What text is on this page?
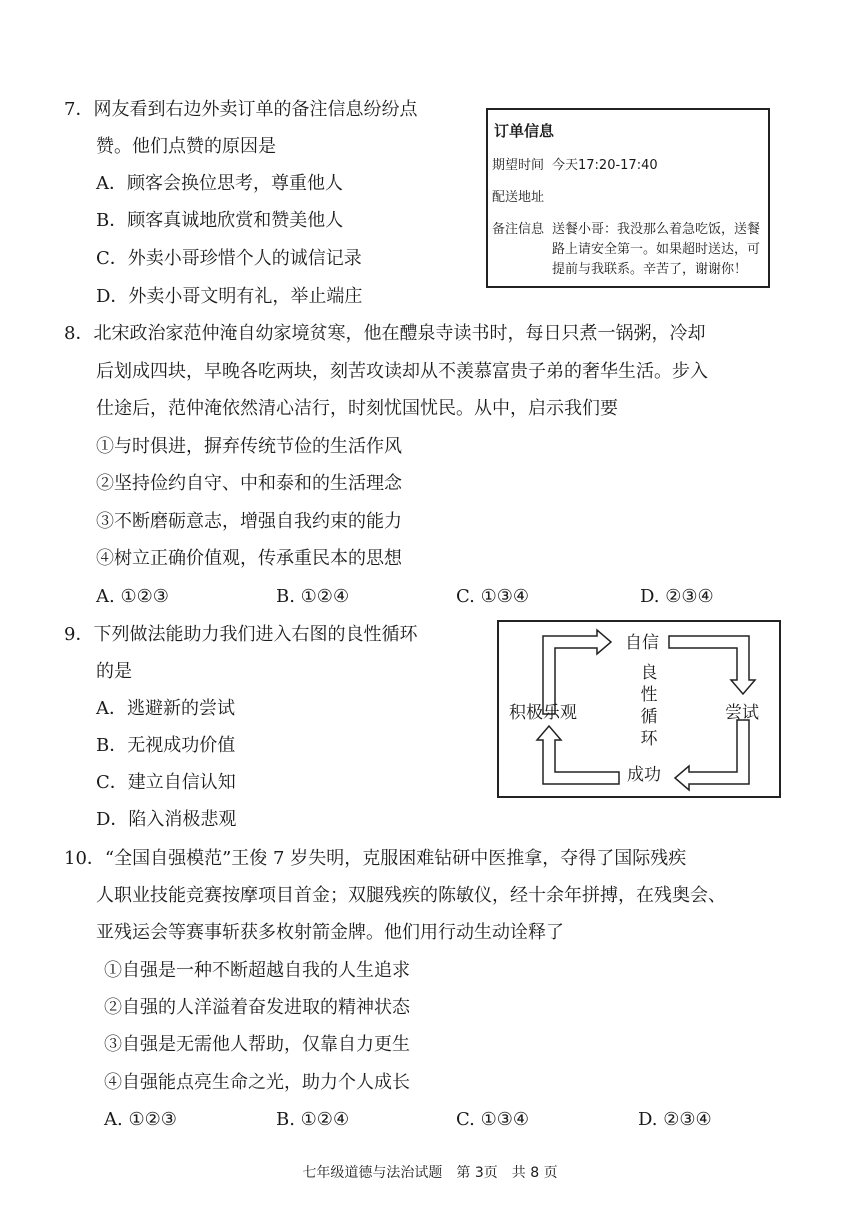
7．网友看到右边外卖订单的备注信息纷纷点
赞。他们点赞的原因是
A．顾客会换位思考，尊重他人
B．顾客真诚地欣赏和赞美他人
C．外卖小哥珍惜个人的诚信记录
D．外卖小哥文明有礼，举止端庄
订单信息
期望时间 今天17:20-17:40
配送地址
备注信息 送餐小哥：我没那么着急吃饭，送餐路上请安全第一。如果超时送达，可提前与我联系。辛苦了，谢谢你！
8．北宋政治家范仲淹自幼家境贫寒，他在醴泉寺读书时，每日只煮一锅粥，冷却
后划成四块，早晚各吃两块，刻苦攻读却从不羡慕富贵子弟的奢华生活。步入
仕途后，范仲淹依然清心洁行，时刻忧国忧民。从中，启示我们要
①与时俱进，摒弃传统节俭的生活作风
②坚持俭约自守、中和泰和的生活理念
③不断磨砺意志，增强自我约束的能力
④树立正确价值观，传承重民本的思想
A. ①②③	B. ①②④	C. ①③④	D. ②③④
9．下列做法能助力我们进入右图的良性循环
的是
A．逃避新的尝试
B．无视成功价值
C．建立自信认知
D．陷入消极悲观
自信
尝试
成功
积极乐观
良
性
循
环
10．“全国自强模范”王俊 7 岁失明，克服困难钻研中医推拿，夺得了国际残疾
人职业技能竞赛按摩项目首金；双腿残疾的陈敏仪，经十余年拼搏，在残奥会、
亚残运会等赛事斩获多枚射箭金牌。他们用行动生动诠释了
①自强是一种不断超越自我的人生追求
②自强的人洋溢着奋发进取的精神状态
③自强是无需他人帮助，仅靠自力更生
④自强能点亮生命之光，助力个人成长
A. ①②③	B. ①②④	C. ①③④	D. ②③④
七年级道德与法治试题　第 3页　共 8 页
